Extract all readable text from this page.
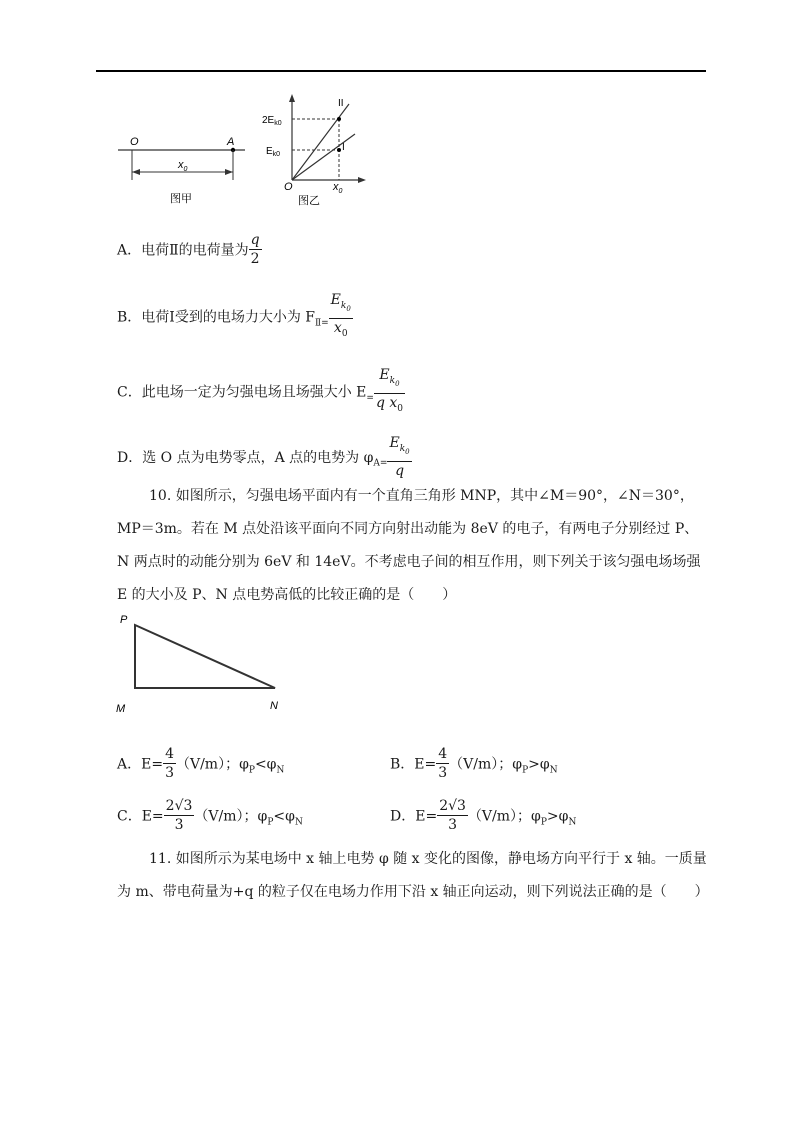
O	A
$x_0$
图甲
$2E_{k0}$
$E_{k0}$
II
I
O	$x_0$
图乙
A．电荷Ⅱ的电荷量为 $\frac{q}{2}$
B．电荷Ⅰ受到的电场力大小为 $F_{Ⅱ=} \frac{E_{k_0}}{x_0}$
C．此电场一定为匀强电场且场强大小 $E_= \frac{E_{k_0}}{q x_0}$
D．选 O 点为电势零点，A 点的电势为 $\varphi_{A=} \frac{E_{k_0}}{q}$
10. 如图所示，匀强电场平面内有一个直角三角形 MNP，其中∠M＝90°，∠N＝30°，MP＝3m。若在 M 点处沿该平面向不同方向射出动能为 8eV 的电子，有两电子分别经过 P、N 两点时的动能分别为 6eV 和 14eV。不考虑电子间的相互作用，则下列关于该匀强电场场强 E 的大小及 P、N 点电势高低的比较正确的是（　　）
P
M	N
A．$E= \frac{4}{3} (V/m)$；$\varphi_P<\varphi_N$	B．$E= \frac{4}{3} (V/m)$；$\varphi_P>\varphi_N$
C．$E= \frac{2√3}{3} (V/m)$；$\varphi_P<\varphi_N$	D．$E= \frac{2√3}{3} (V/m)$；$\varphi_P>\varphi_N$
11. 如图所示为某电场中 x 轴上电势 φ 随 x 变化的图像，静电场方向平行于 x 轴。一质量为 m、带电荷量为+q 的粒子仅在电场力作用下沿 x 轴正向运动，则下列说法正确的是（　　）
